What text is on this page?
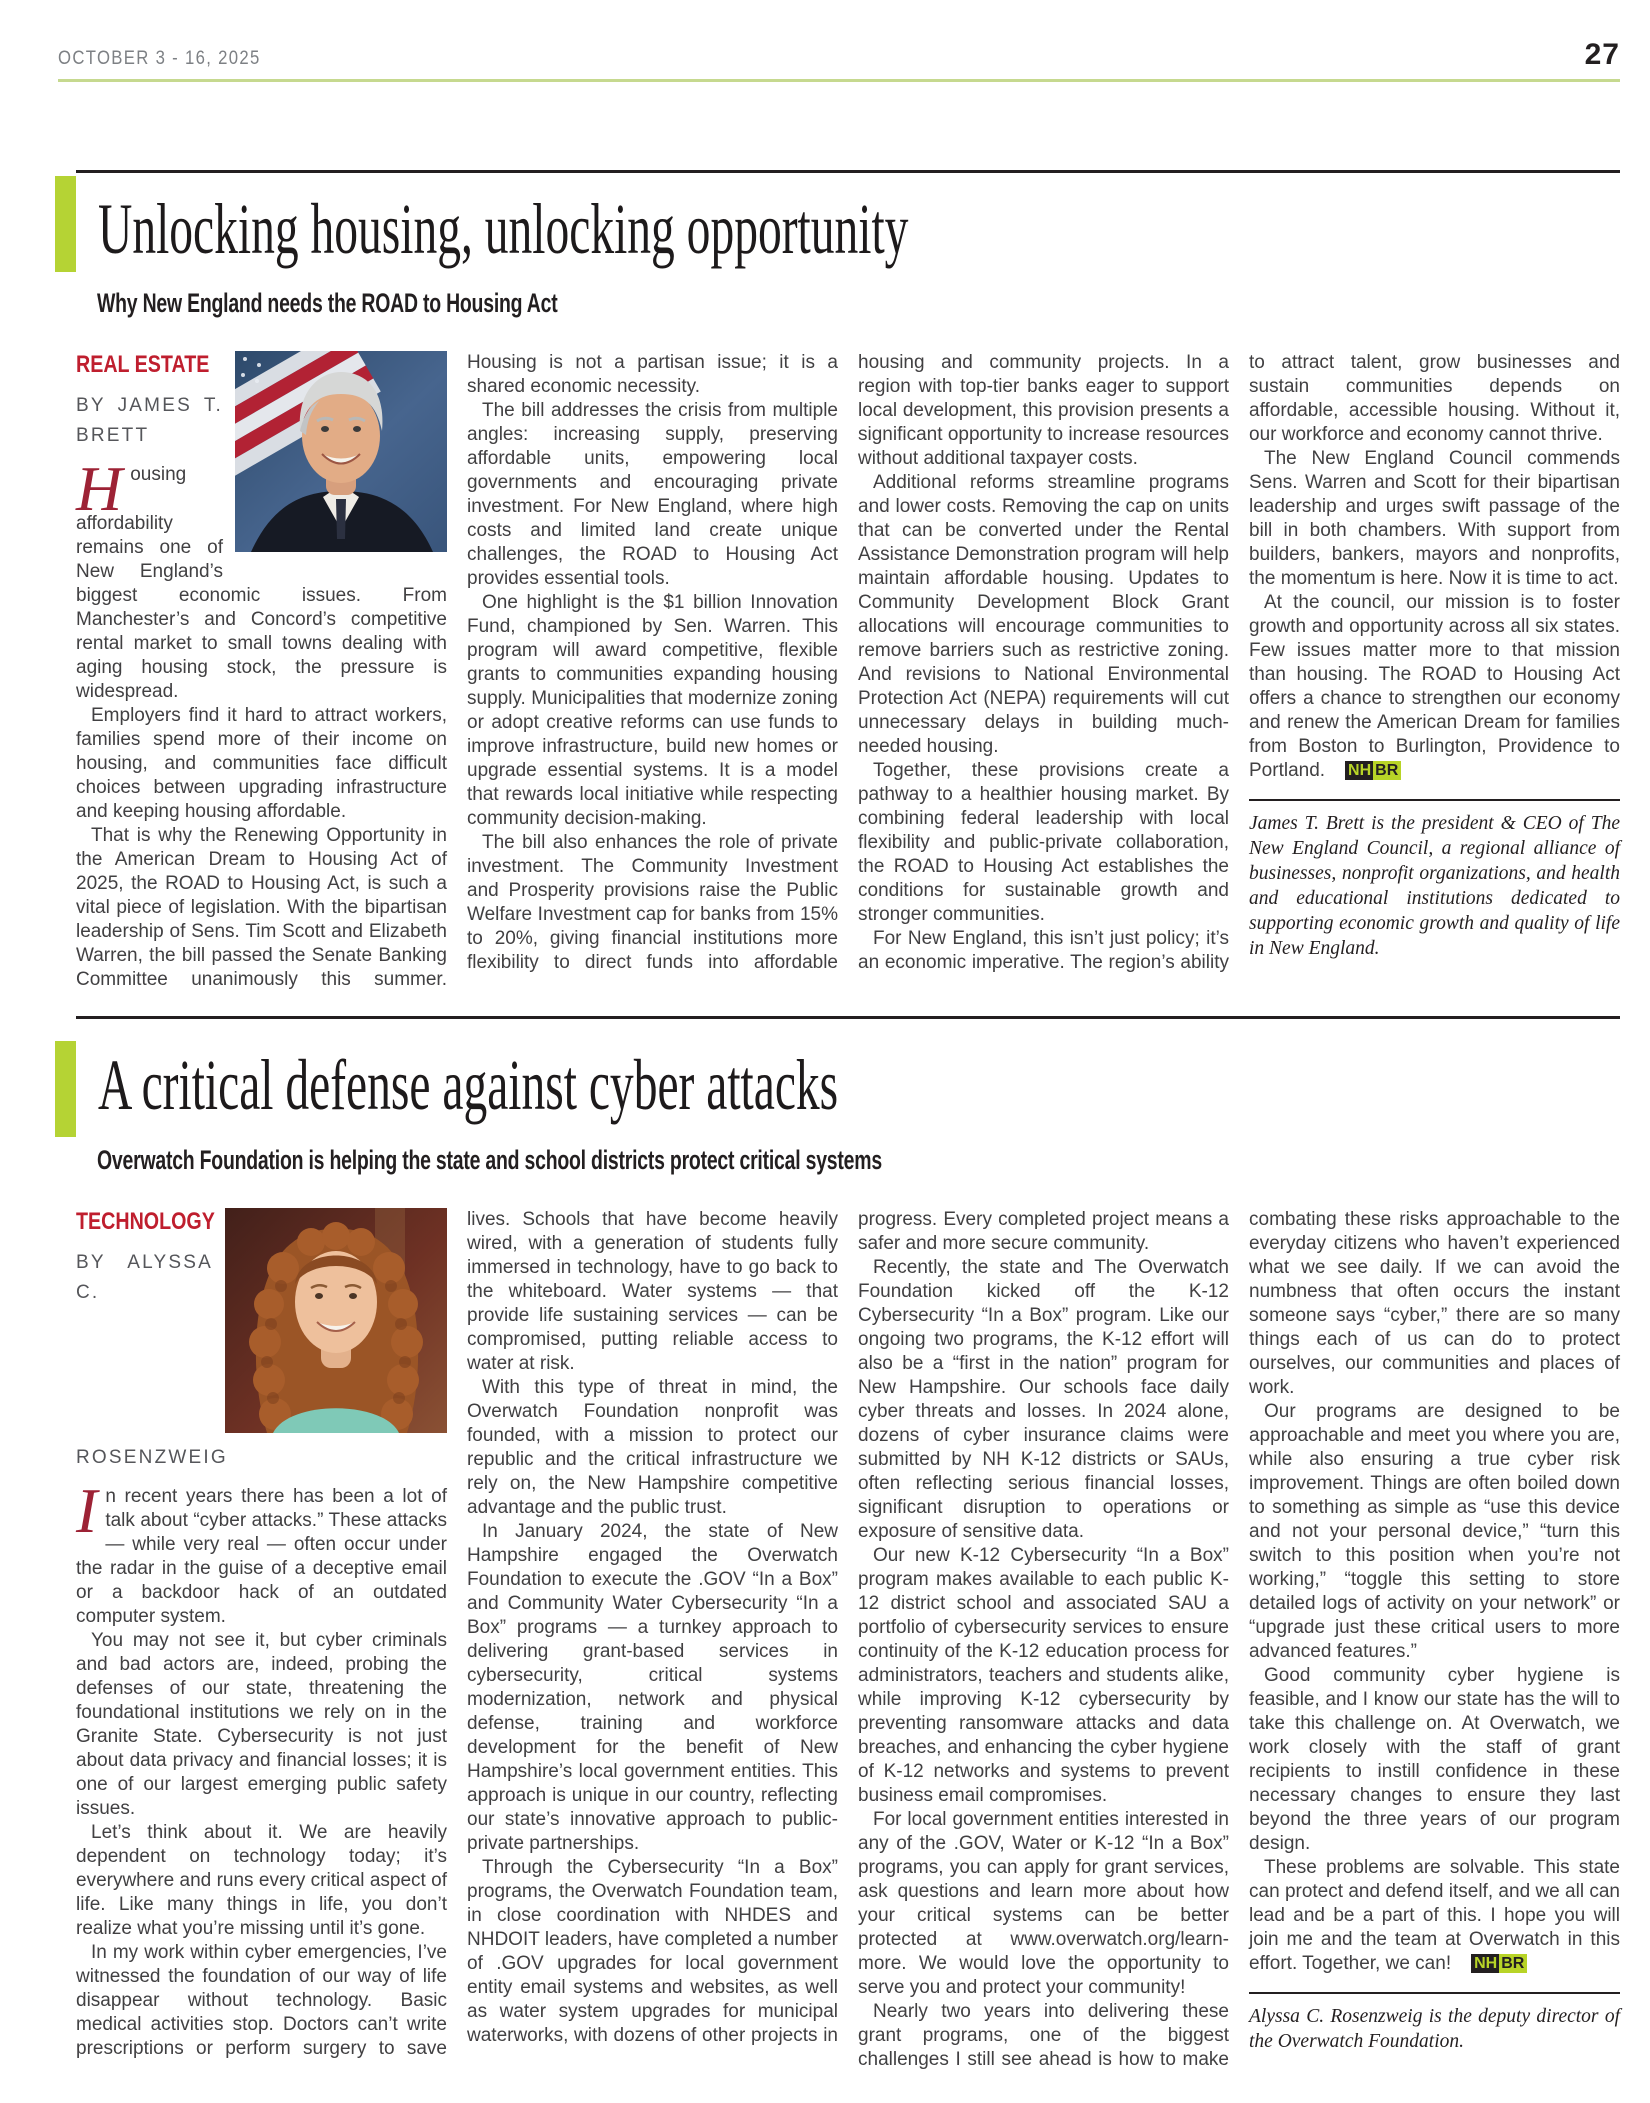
OCTOBER 3 - 16, 2025	27
Unlocking housing, unlocking opportunity
Why New England needs the ROAD to Housing Act
REAL ESTATE
BY JAMES T. BRETT

Housing affordability remains one of New England’s biggest economic issues. From Manchester’s and Concord’s competitive rental market to small towns dealing with aging housing stock, the pressure is widespread.

Employers find it hard to attract workers, families spend more of their income on housing, and communities face difficult choices between upgrading infrastructure and keeping housing affordable.

That is why the Renewing Opportunity in the American Dream to Housing Act of 2025, the ROAD to Housing Act, is such a vital piece of legislation. With the bipartisan leadership of Sens. Tim Scott and Elizabeth Warren, the bill passed the Senate Banking Committee unanimously this summer. Housing is not a partisan issue; it is a shared economic necessity.

The bill addresses the crisis from multiple angles: increasing supply, preserving affordable units, empowering local governments and encouraging private investment. For New England, where high costs and limited land create unique challenges, the ROAD to Housing Act provides essential tools.

One highlight is the $1 billion Innovation Fund, championed by Sen. Warren. This program will award competitive, flexible grants to communities expanding housing supply. Municipalities that modernize zoning or adopt creative reforms can use funds to improve infrastructure, build new homes or upgrade essential systems. It is a model that rewards local initiative while respecting community decision-making.

The bill also enhances the role of private investment. The Community Investment and Prosperity provisions raise the Public Welfare Investment cap for banks from 15% to 20%, giving financial institutions more flexibility to direct funds into affordable housing and community projects. In a region with top-tier banks eager to support local development, this provision presents a significant opportunity to increase resources without additional taxpayer costs.

Additional reforms streamline programs and lower costs. Removing the cap on units that can be converted under the Rental Assistance Demonstration program will help maintain affordable housing. Updates to Community Development Block Grant allocations will encourage communities to remove barriers such as restrictive zoning. And revisions to National Environmental Protection Act (NEPA) requirements will cut unnecessary delays in building much-needed housing.

Together, these provisions create a pathway to a healthier housing market. By combining federal leadership with local flexibility and public-private collaboration, the ROAD to Housing Act establishes the conditions for sustainable growth and stronger communities.

For New England, this isn’t just policy; it’s an economic imperative. The region’s ability to attract talent, grow businesses and sustain communities depends on affordable, accessible housing. Without it, our workforce and economy cannot thrive.

The New England Council commends Sens. Warren and Scott for their bipartisan leadership and urges swift passage of the bill in both chambers. With support from builders, bankers, mayors and nonprofits, the momentum is here. Now it is time to act.

At the council, our mission is to foster growth and opportunity across all six states. Few issues matter more to that mission than housing. The ROAD to Housing Act offers a chance to strengthen our economy and renew the American Dream for families from Boston to Burlington, Providence to Portland. NH BR

James T. Brett is the president & CEO of The New England Council, a regional alliance of businesses, nonprofit organizations, and health and educational institutions dedicated to supporting economic growth and quality of life in New England.

A critical defense against cyber attacks
Overwatch Foundation is helping the state and school districts protect critical systems
TECHNOLOGY
BY ALYSSA C. ROSENZWEIG

In recent years there has been a lot of talk about “cyber attacks.” These attacks — while very real — often occur under the radar in the guise of a deceptive email or a backdoor hack of an outdated computer system.

You may not see it, but cyber criminals and bad actors are, indeed, probing the defenses of our state, threatening the foundational institutions we rely on in the Granite State. Cybersecurity is not just about data privacy and financial losses; it is one of our largest emerging public safety issues.

Let’s think about it. We are heavily dependent on technology today; it’s everywhere and runs every critical aspect of life. Like many things in life, you don’t realize what you’re missing until it’s gone.

In my work within cyber emergencies, I’ve witnessed the foundation of our way of life disappear without technology. Basic medical activities stop. Doctors can’t write prescriptions or perform surgery to save lives. Schools that have become heavily wired, with a generation of students fully immersed in technology, have to go back to the whiteboard. Water systems — that provide life sustaining services — can be compromised, putting reliable access to water at risk.

With this type of threat in mind, the Overwatch Foundation nonprofit was founded, with a mission to protect our republic and the critical infrastructure we rely on, the New Hampshire competitive advantage and the public trust.

In January 2024, the state of New Hampshire engaged the Overwatch Foundation to execute the .GOV “In a Box” and Community Water Cybersecurity “In a Box” programs — a turnkey approach to delivering grant-based services in cybersecurity, critical systems modernization, network and physical defense, training and workforce development for the benefit of New Hampshire’s local government entities. This approach is unique in our country, reflecting our state’s innovative approach to public-private partnerships.

Through the Cybersecurity “In a Box” programs, the Overwatch Foundation team, in close coordination with NHDES and NHDOIT leaders, have completed a number of .GOV upgrades for local government entity email systems and websites, as well as water system upgrades for municipal waterworks, with dozens of other projects in progress. Every completed project means a safer and more secure community.

Recently, the state and The Overwatch Foundation kicked off the K-12 Cybersecurity “In a Box” program. Like our ongoing two programs, the K-12 effort will also be a “first in the nation” program for New Hampshire. Our schools face daily cyber threats and losses. In 2024 alone, dozens of cyber insurance claims were submitted by NH K-12 districts or SAUs, often reflecting serious financial losses, significant disruption to operations or exposure of sensitive data.

Our new K-12 Cybersecurity “In a Box” program makes available to each public K-12 district school and associated SAU a portfolio of cybersecurity services to ensure continuity of the K-12 education process for administrators, teachers and students alike, while improving K-12 cybersecurity by preventing ransomware attacks and data breaches, and enhancing the cyber hygiene of K-12 networks and systems to prevent business email compromises.

For local government entities interested in any of the .GOV, Water or K-12 “In a Box” programs, you can apply for grant services, ask questions and learn more about how your critical systems can be better protected at www.overwatch.org/learn-more. We would love the opportunity to serve you and protect your community!

Nearly two years into delivering these grant programs, one of the biggest challenges I still see ahead is how to make combating these risks approachable to the everyday citizens who haven’t experienced what we see daily. If we can avoid the numbness that often occurs the instant someone says “cyber,” there are so many things each of us can do to protect ourselves, our communities and places of work.

Our programs are designed to be approachable and meet you where you are, while also ensuring a true cyber risk improvement. Things are often boiled down to something as simple as “use this device and not your personal device,” “turn this switch to this position when you’re not working,” “toggle this setting to store detailed logs of activity on your network” or “upgrade just these critical users to more advanced features.”

Good community cyber hygiene is feasible, and I know our state has the will to take this challenge on. At Overwatch, we work closely with the staff of grant recipients to instill confidence in these necessary changes to ensure they last beyond the three years of our program design.

These problems are solvable. This state can protect and defend itself, and we all can lead and be a part of this. I hope you will join me and the team at Overwatch in this effort. Together, we can! NH BR

Alyssa C. Rosenzweig is the deputy director of the Overwatch Foundation.
